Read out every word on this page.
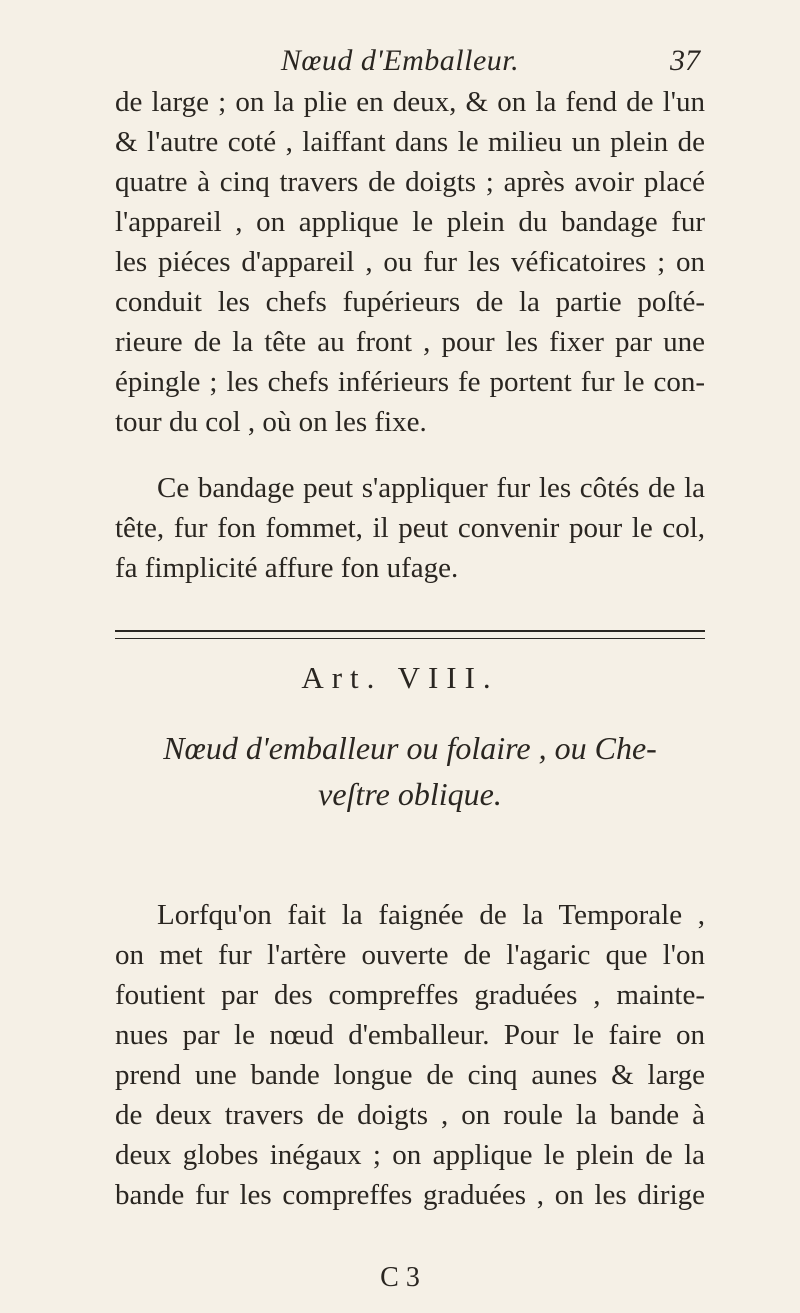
Nœud d'Emballeur.	37
de large ; on la plie en deux, & on la fend de l'un
& l'autre coté , laiffant dans le milieu un plein de
quatre à cinq travers de doigts ; après avoir placé
l'appareil , on applique le plein du bandage fur
les piéces d'appareil , ou fur les véficatoires ; on
conduit les chefs fupérieurs de la partie poſté-
rieure de la tête au front , pour les fixer par une
épingle ; les chefs inférieurs fe portent fur le con-
tour du col , où on les fixe.
Ce bandage peut s'appliquer fur les côtés de la
tête, fur fon fommet, il peut convenir pour le col,
fa fimplicité affure fon ufage.
Art. VIII.
Nœud d'emballeur ou folaire , ou Che-
veſtre oblique.
Lorfqu'on fait la faignée de la Temporale ,
on met fur l'artère ouverte de l'agaric que l'on
foutient par des compreffes graduées , mainte-
nues par le nœud d'emballeur. Pour le faire on
prend une bande longue de cinq aunes & large
de deux travers de doigts , on roule la bande à
deux globes inégaux ; on applique le plein de la
bande fur les compreffes graduées , on les dirige
C 3
